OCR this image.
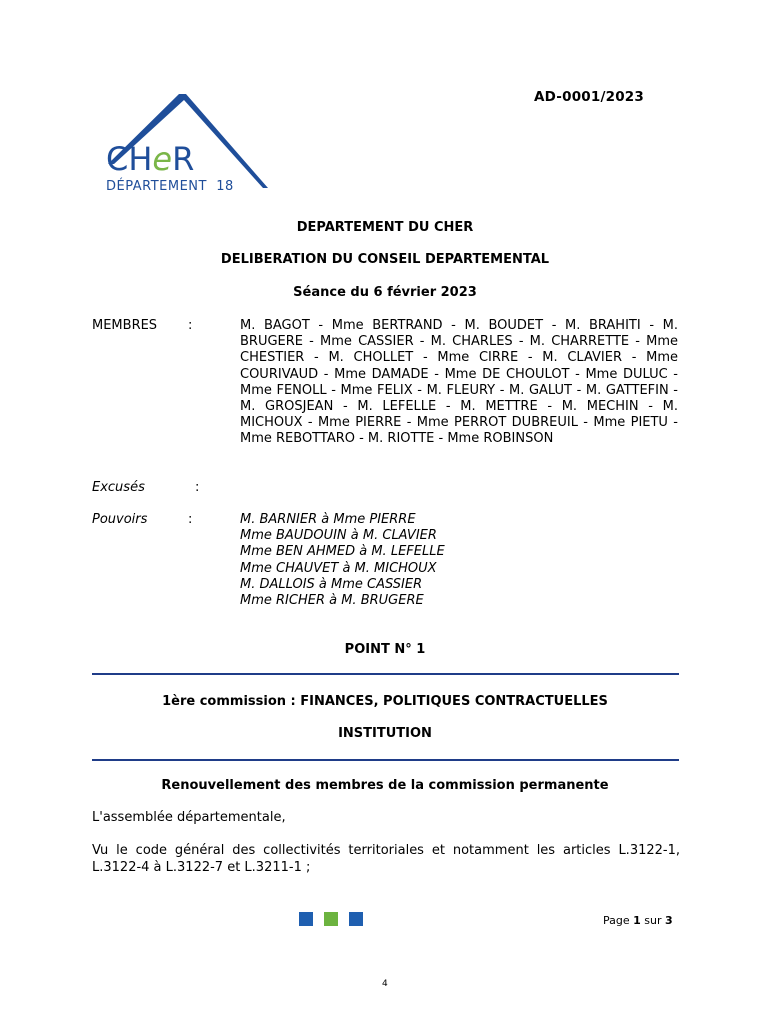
AD-0001/2023
CHeR
DÉPARTEMENT  18
DEPARTEMENT DU CHER
DELIBERATION DU CONSEIL DEPARTEMENTAL
Séance du 6 février 2023
MEMBRES :	M. BAGOT - Mme BERTRAND - M. BOUDET - M. BRAHITI - M. BRUGERE - Mme CASSIER - M. CHARLES - M. CHARRETTE - Mme CHESTIER - M. CHOLLET - Mme CIRRE - M. CLAVIER - Mme COURIVAUD - Mme DAMADE - Mme DE CHOULOT - Mme DULUC - Mme FENOLL - Mme FELIX - M. FLEURY - M. GALUT - M. GATTEFIN - M. GROSJEAN - M. LEFELLE - M. METTRE - M. MECHIN - M. MICHOUX - Mme PIERRE - Mme PERROT DUBREUIL - Mme PIETU - Mme REBOTTARO - M. RIOTTE - Mme ROBINSON
Excusés	:
Pouvoirs	:	M. BARNIER à Mme PIERRE
Mme BAUDOUIN à M. CLAVIER
Mme BEN AHMED à M. LEFELLE
Mme CHAUVET à M. MICHOUX
M. DALLOIS à Mme CASSIER
Mme RICHER à M. BRUGERE
POINT N° 1
1ère commission : FINANCES, POLITIQUES CONTRACTUELLES
INSTITUTION
Renouvellement des membres de la commission permanente
L'assemblée départementale,
Vu le code général des collectivités territoriales et notamment les articles L.3122-1, L.3122-4 à L.3122-7 et L.3211-1 ;
Page 1 sur 3
4
